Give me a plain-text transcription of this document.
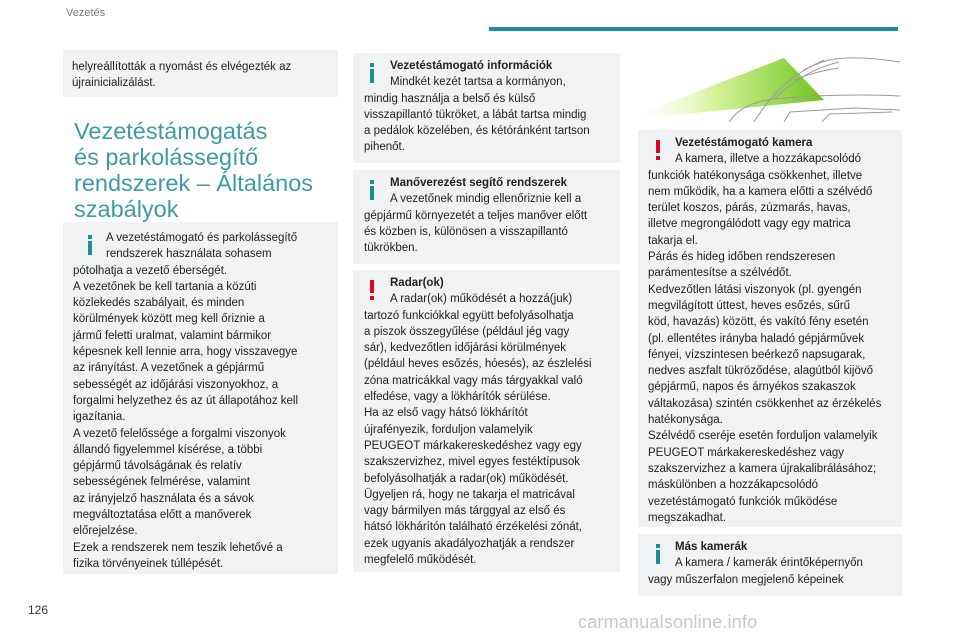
Vezetés

helyreállították a nyomást és elvégezték az
újrainicializálást.

Vezetéstámogatás
és parkolássegítő
rendszerek – Általános
szabályok

A vezetéstámogató és parkolássegítő
rendszerek használata sohasem
pótolhatja a vezető éberségét.
A vezetőnek be kell tartania a közúti
közlekedés szabályait, és minden
körülmények között meg kell őriznie a
jármű feletti uralmat, valamint bármikor
képesnek kell lennie arra, hogy visszavegye
az irányítást. A vezetőnek a gépjármű
sebességét az időjárási viszonyokhoz, a
forgalmi helyzethez és az út állapotához kell
igazítania.
A vezető felelőssége a forgalmi viszonyok
állandó figyelemmel kísérése, a többi
gépjármű távolságának és relatív
sebességének felmérése, valamint
az irányjelző használata és a sávok
megváltoztatása előtt a manőverek
előrejelzése.
Ezek a rendszerek nem teszik lehetővé a
fizika törvényeinek túllépését.

Vezetéstámogató információk
Mindkét kezét tartsa a kormányon,
mindig használja a belső és külső
visszapillantó tükröket, a lábát tartsa mindig
a pedálok közelében, és kétóránként tartson
pihenőt.

Manőverezést segítő rendszerek
A vezetőnek mindig ellenőriznie kell a
gépjármű környezetét a teljes manőver előtt
és közben is, különösen a visszapillantó
tükrökben.

Radar(ok)
A radar(ok) működését a hozzá(juk)
tartozó funkciókkal együtt befolyásolhatja
a piszok összegyűlése (például jég vagy
sár), kedvezőtlen időjárási körülmények
(például heves esőzés, hóesés), az észlelési
zóna matricákkal vagy más tárgyakkal való
elfedése, vagy a lökhárítók sérülése.
Ha az első vagy hátsó lökhárítót
újrafényezik, forduljon valamelyik
PEUGEOT márkakereskedéshez vagy egy
szakszervizhez, mivel egyes festéktípusok
befolyásolhatják a radar(ok) működését.
Ügyeljen rá, hogy ne takarja el matricával
vagy bármilyen más tárggyal az első és
hátsó lökhárítón található érzékelési zónát,
ezek ugyanis akadályozhatják a rendszer
megfelelő működését.

Vezetéstámogató kamera
A kamera, illetve a hozzákapcsolódó
funkciók hatékonysága csökkenhet, illetve
nem működik, ha a kamera előtti a szélvédő
terület koszos, párás, zúzmarás, havas,
illetve megrongálódott vagy egy matrica
takarja el.
Párás és hideg időben rendszeresen
parámentesítse a szélvédőt.
Kedvezőtlen látási viszonyok (pl. gyengén
megvilágított úttest, heves esőzés, sűrű
köd, havazás) között, és vakító fény esetén
(pl. ellentétes irányba haladó gépjárművek
fényei, vízszintesen beérkező napsugarak,
nedves aszfalt tükröződése, alagútból kijövő
gépjármű, napos és árnyékos szakaszok
váltakozása) szintén csökkenhet az érzékelés
hatékonysága.
Szélvédő cseréje esetén forduljon valamelyik
PEUGEOT márkakereskedéshez vagy
szakszervizhez a kamera újrakalibrálásához;
máskülönben a hozzákapcsolódó
vezetéstámogató funkciók működése
megszakadhat.

Más kamerák
A kamera / kamerák érintőképernyőn
vagy műszerfalon megjelenő képeinek

126
carmanualsonline.info
